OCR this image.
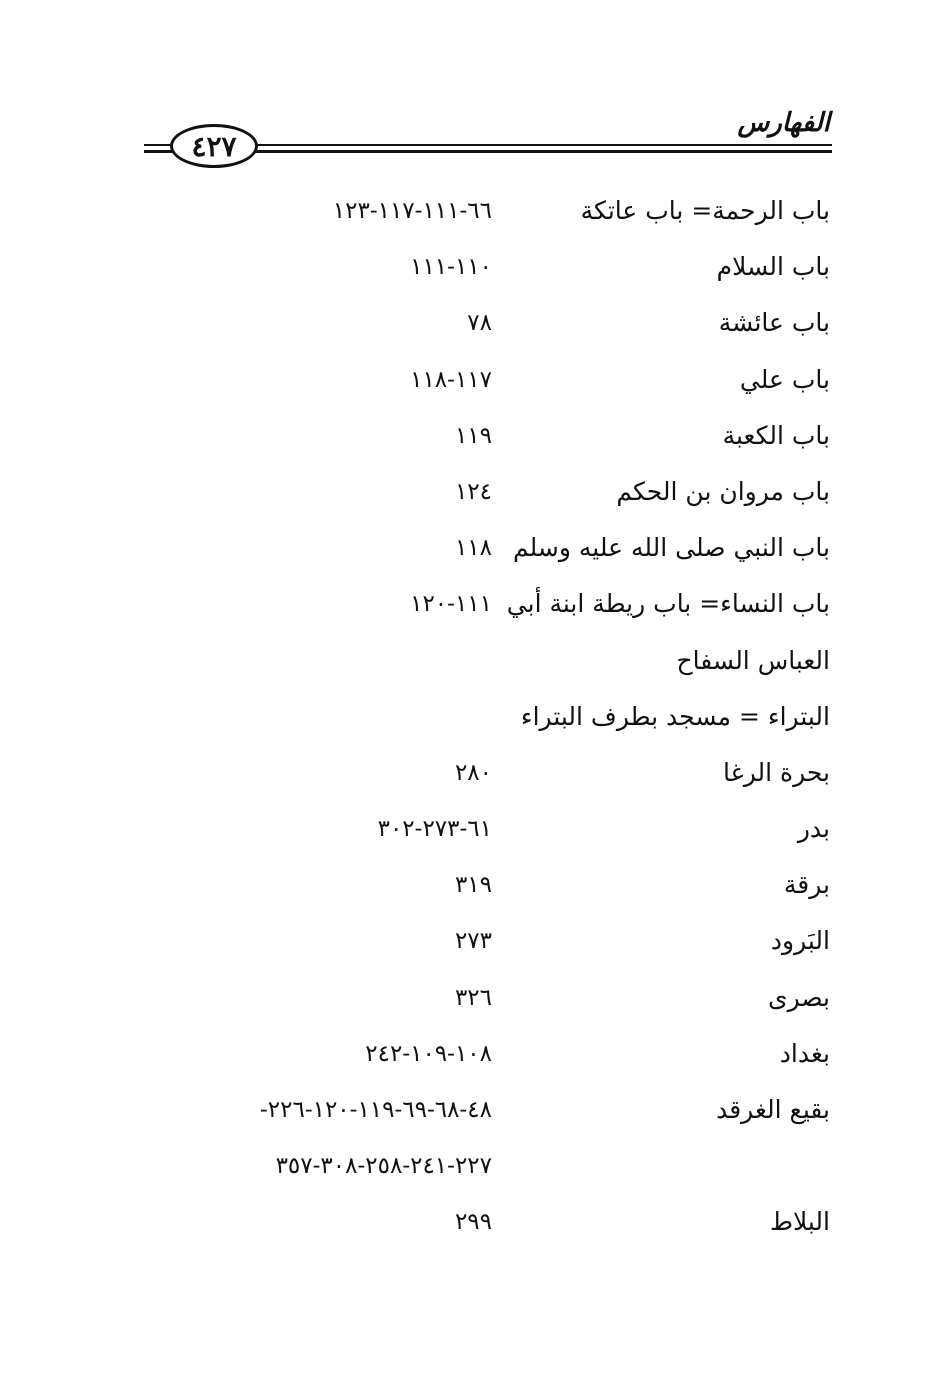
الفهارس
٤٢٧
باب الرحمة= باب عاتكة
٦٦-١١١-١١٧-١٢٣
باب السلام
١١٠-١١١
باب عائشة
٧٨
باب علي
١١٧-١١٨
باب الكعبة
١١٩
باب مروان بن الحكم
١٢٤
باب النبي صلى الله عليه وسلم
١١٨
باب النساء= باب ريطة ابنة أبي
١١١-١٢٠
العباس السفاح
البتراء = مسجد بطرف البتراء
بحرة الرغا
٢٨٠
بدر
٦١-٢٧٣-٣٠٢
برقة
٣١٩
البَرود
٢٧٣
بصرى
٣٢٦
بغداد
١٠٨-١٠٩-٢٤٢
بقيع الغرقد
-٤٨-٦٨-٦٩-١١٩-١٢٠-٢٢٦
٢٢٧-٢٤١-٢٥٨-٣٠٨-٣٥٧
البلاط
٢٩٩
